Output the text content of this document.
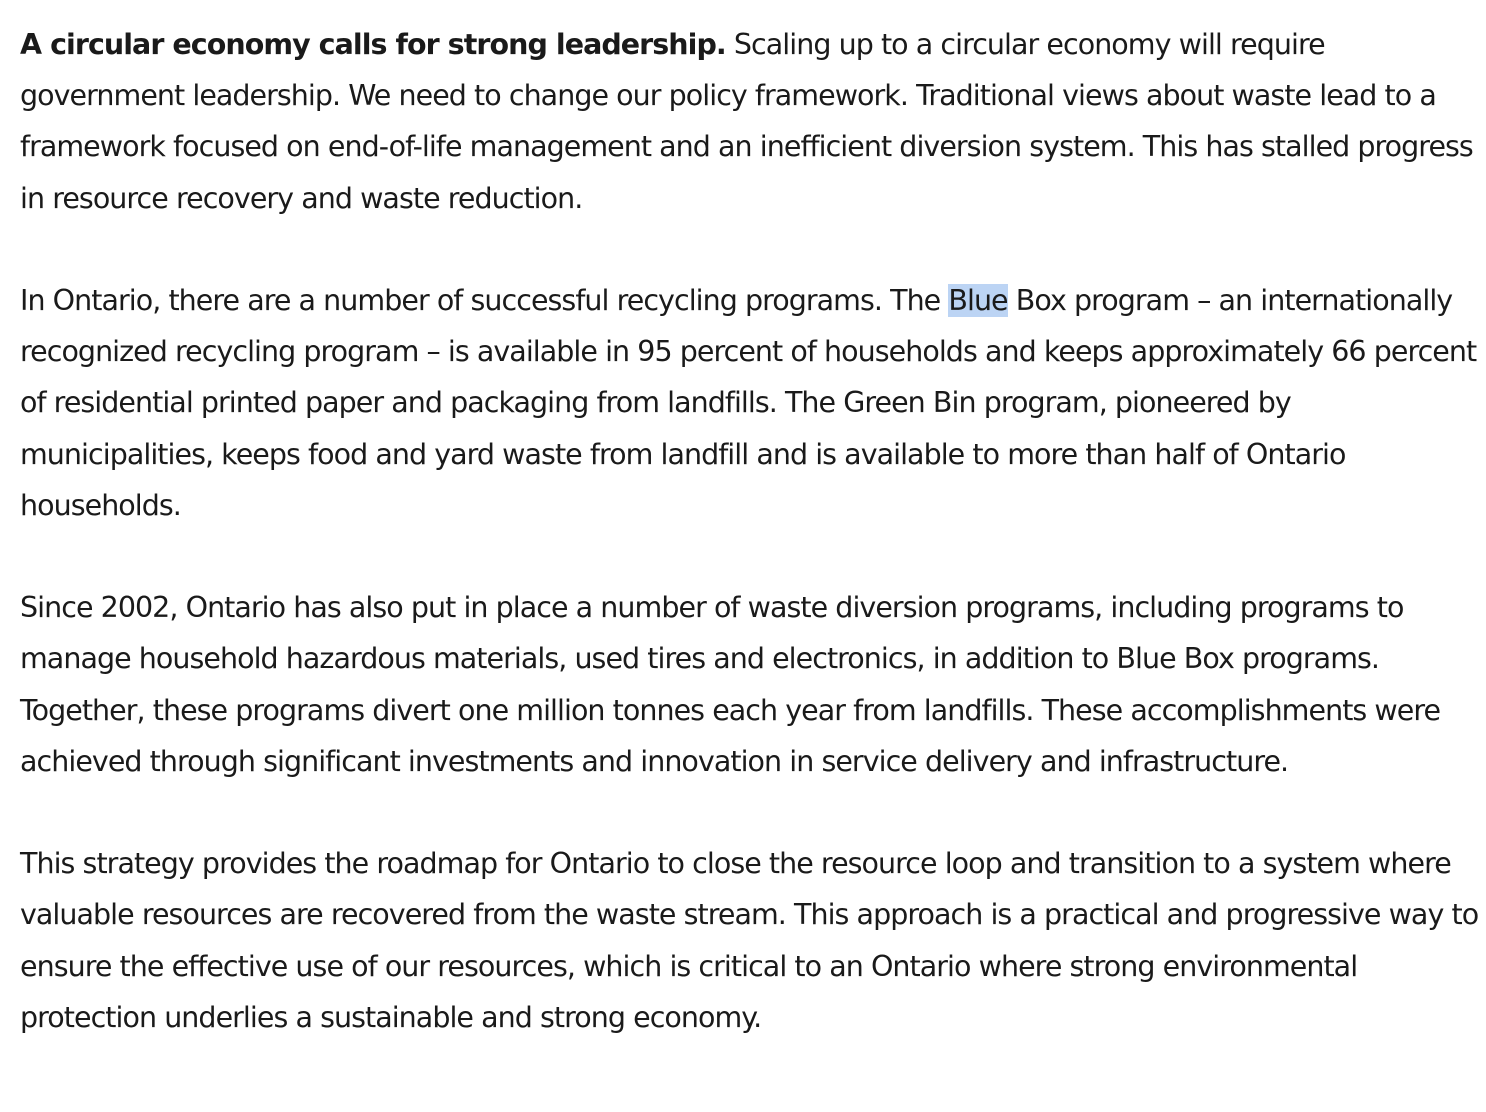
A circular economy calls for strong leadership. Scaling up to a circular economy will require government leadership. We need to change our policy framework. Traditional views about waste lead to a framework focused on end-of-life management and an inefficient diversion system. This has stalled progress in resource recovery and waste reduction.

In Ontario, there are a number of successful recycling programs. The Blue Box program – an internationally recognized recycling program – is available in 95 percent of households and keeps approximately 66 percent of residential printed paper and packaging from landfills. The Green Bin program, pioneered by municipalities, keeps food and yard waste from landfill and is available to more than half of Ontario households.

Since 2002, Ontario has also put in place a number of waste diversion programs, including programs to manage household hazardous materials, used tires and electronics, in addition to Blue Box programs. Together, these programs divert one million tonnes each year from landfills. These accomplishments were achieved through significant investments and innovation in service delivery and infrastructure.

This strategy provides the roadmap for Ontario to close the resource loop and transition to a system where valuable resources are recovered from the waste stream. This approach is a practical and progressive way to ensure the effective use of our resources, which is critical to an Ontario where strong environmental protection underlies a sustainable and strong economy.
